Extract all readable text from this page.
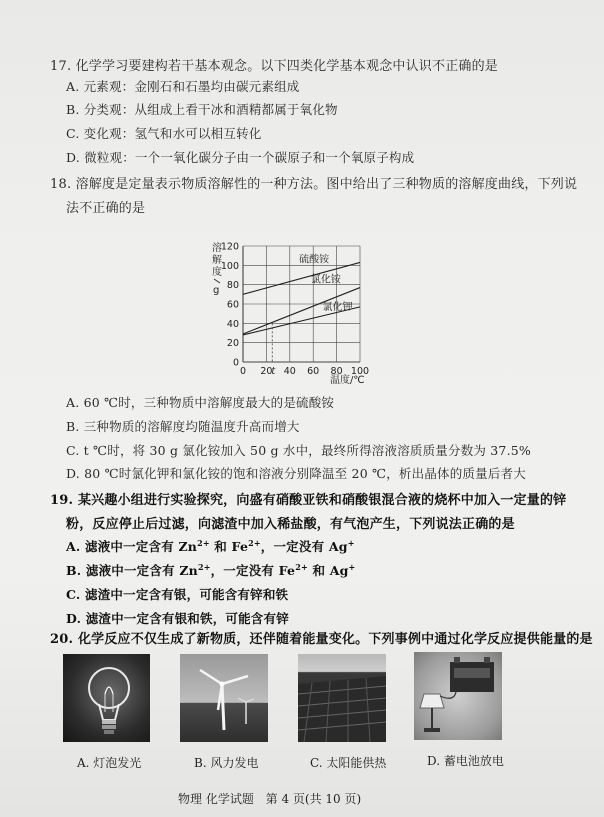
17. 化学学习要建构若干基本观念。以下四类化学基本观念中认识不正确的是
A. 元素观：金刚石和石墨均由碳元素组成
B. 分类观：从组成上看干冰和酒精都属于氧化物
C. 变化观：氢气和水可以相互转化
D. 微粒观：一个一氧化碳分子由一个碳原子和一个氧原子构成
18. 溶解度是定量表示物质溶解性的一种方法。图中给出了三种物质的溶解度曲线，下列说
法不正确的是
溶
解
度
g
0
20
40
60
80
100
120
0 20
t 40 60 80 100
硫酸铵
氯化铵
氯化钾
温度/℃
A. 60 ℃时，三种物质中溶解度最大的是硫酸铵
B. 三种物质的溶解度均随温度升高而增大
C. t ℃时，将 30 g 氯化铵加入 50 g 水中，最终所得溶液溶质质量分数为 37.5%
D. 80 ℃时氯化钾和氯化铵的饱和溶液分别降温至 20 ℃，析出晶体的质量后者大
19. 某兴趣小组进行实验探究，向盛有硝酸亚铁和硝酸银混合液的烧杯中加入一定量的锌
粉，反应停止后过滤，向滤渣中加入稀盐酸，有气泡产生，下列说法正确的是
A. 滤液中一定含有 $Zn^{2+}$ 和 $Fe^{2+}$，一定没有 Ag+
B. 滤液中一定含有 $Zn^{2+}$，一定没有 $Fe^{2+}$ 和 Ag+
C. 滤渣中一定含有银，可能含有锌和铁
D. 滤渣中一定含有银和铁，可能含有锌
20. 化学反应不仅生成了新物质，还伴随着能量变化。下列事例中通过化学反应提供能量的是
A. 灯泡发光	B. 风力发电	C. 太阳能供热	D. 蓄电池放电
物理 化学试题 第 4 页(共 10 页)
